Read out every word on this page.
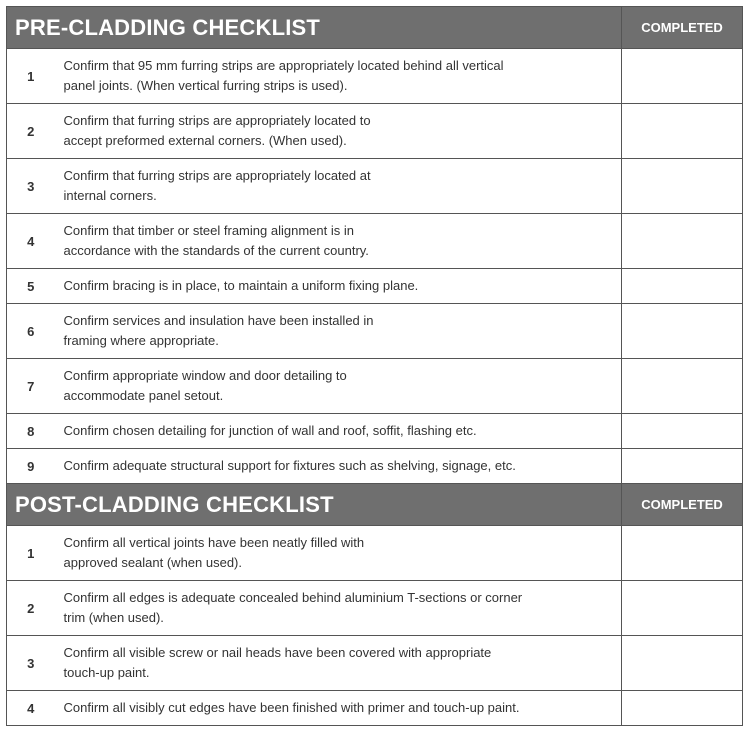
PRE-CLADDING CHECKLIST		COMPLETED
1	Confirm that 95 mm furring strips are appropriately located behind all vertical
panel joints. (When vertical furring strips is used).	
2	Confirm that furring strips are appropriately located to
accept preformed external corners. (When used).	
3	Confirm that furring strips are appropriately located at
internal corners.	
4	Confirm that timber or steel framing alignment is in
accordance with the standards of the current country.	
5	Confirm bracing is in place, to maintain a uniform fixing plane.	
6	Confirm services and insulation have been installed in
framing where appropriate.	
7	Confirm appropriate window and door detailing to
accommodate panel setout.	
8	Confirm chosen detailing for junction of wall and roof, soffit, flashing etc.	
9	Confirm adequate structural support for fixtures such as shelving, signage, etc.	
POST-CLADDING CHECKLIST		COMPLETED
1	Confirm all vertical joints have been neatly filled with
approved sealant (when used).	
2	Confirm all edges is adequate concealed behind aluminium T-sections or corner
trim (when used).	
3	Confirm all visible screw or nail heads have been covered with appropriate
touch-up paint.	
4	Confirm all visibly cut edges have been finished with primer and touch-up paint.	
